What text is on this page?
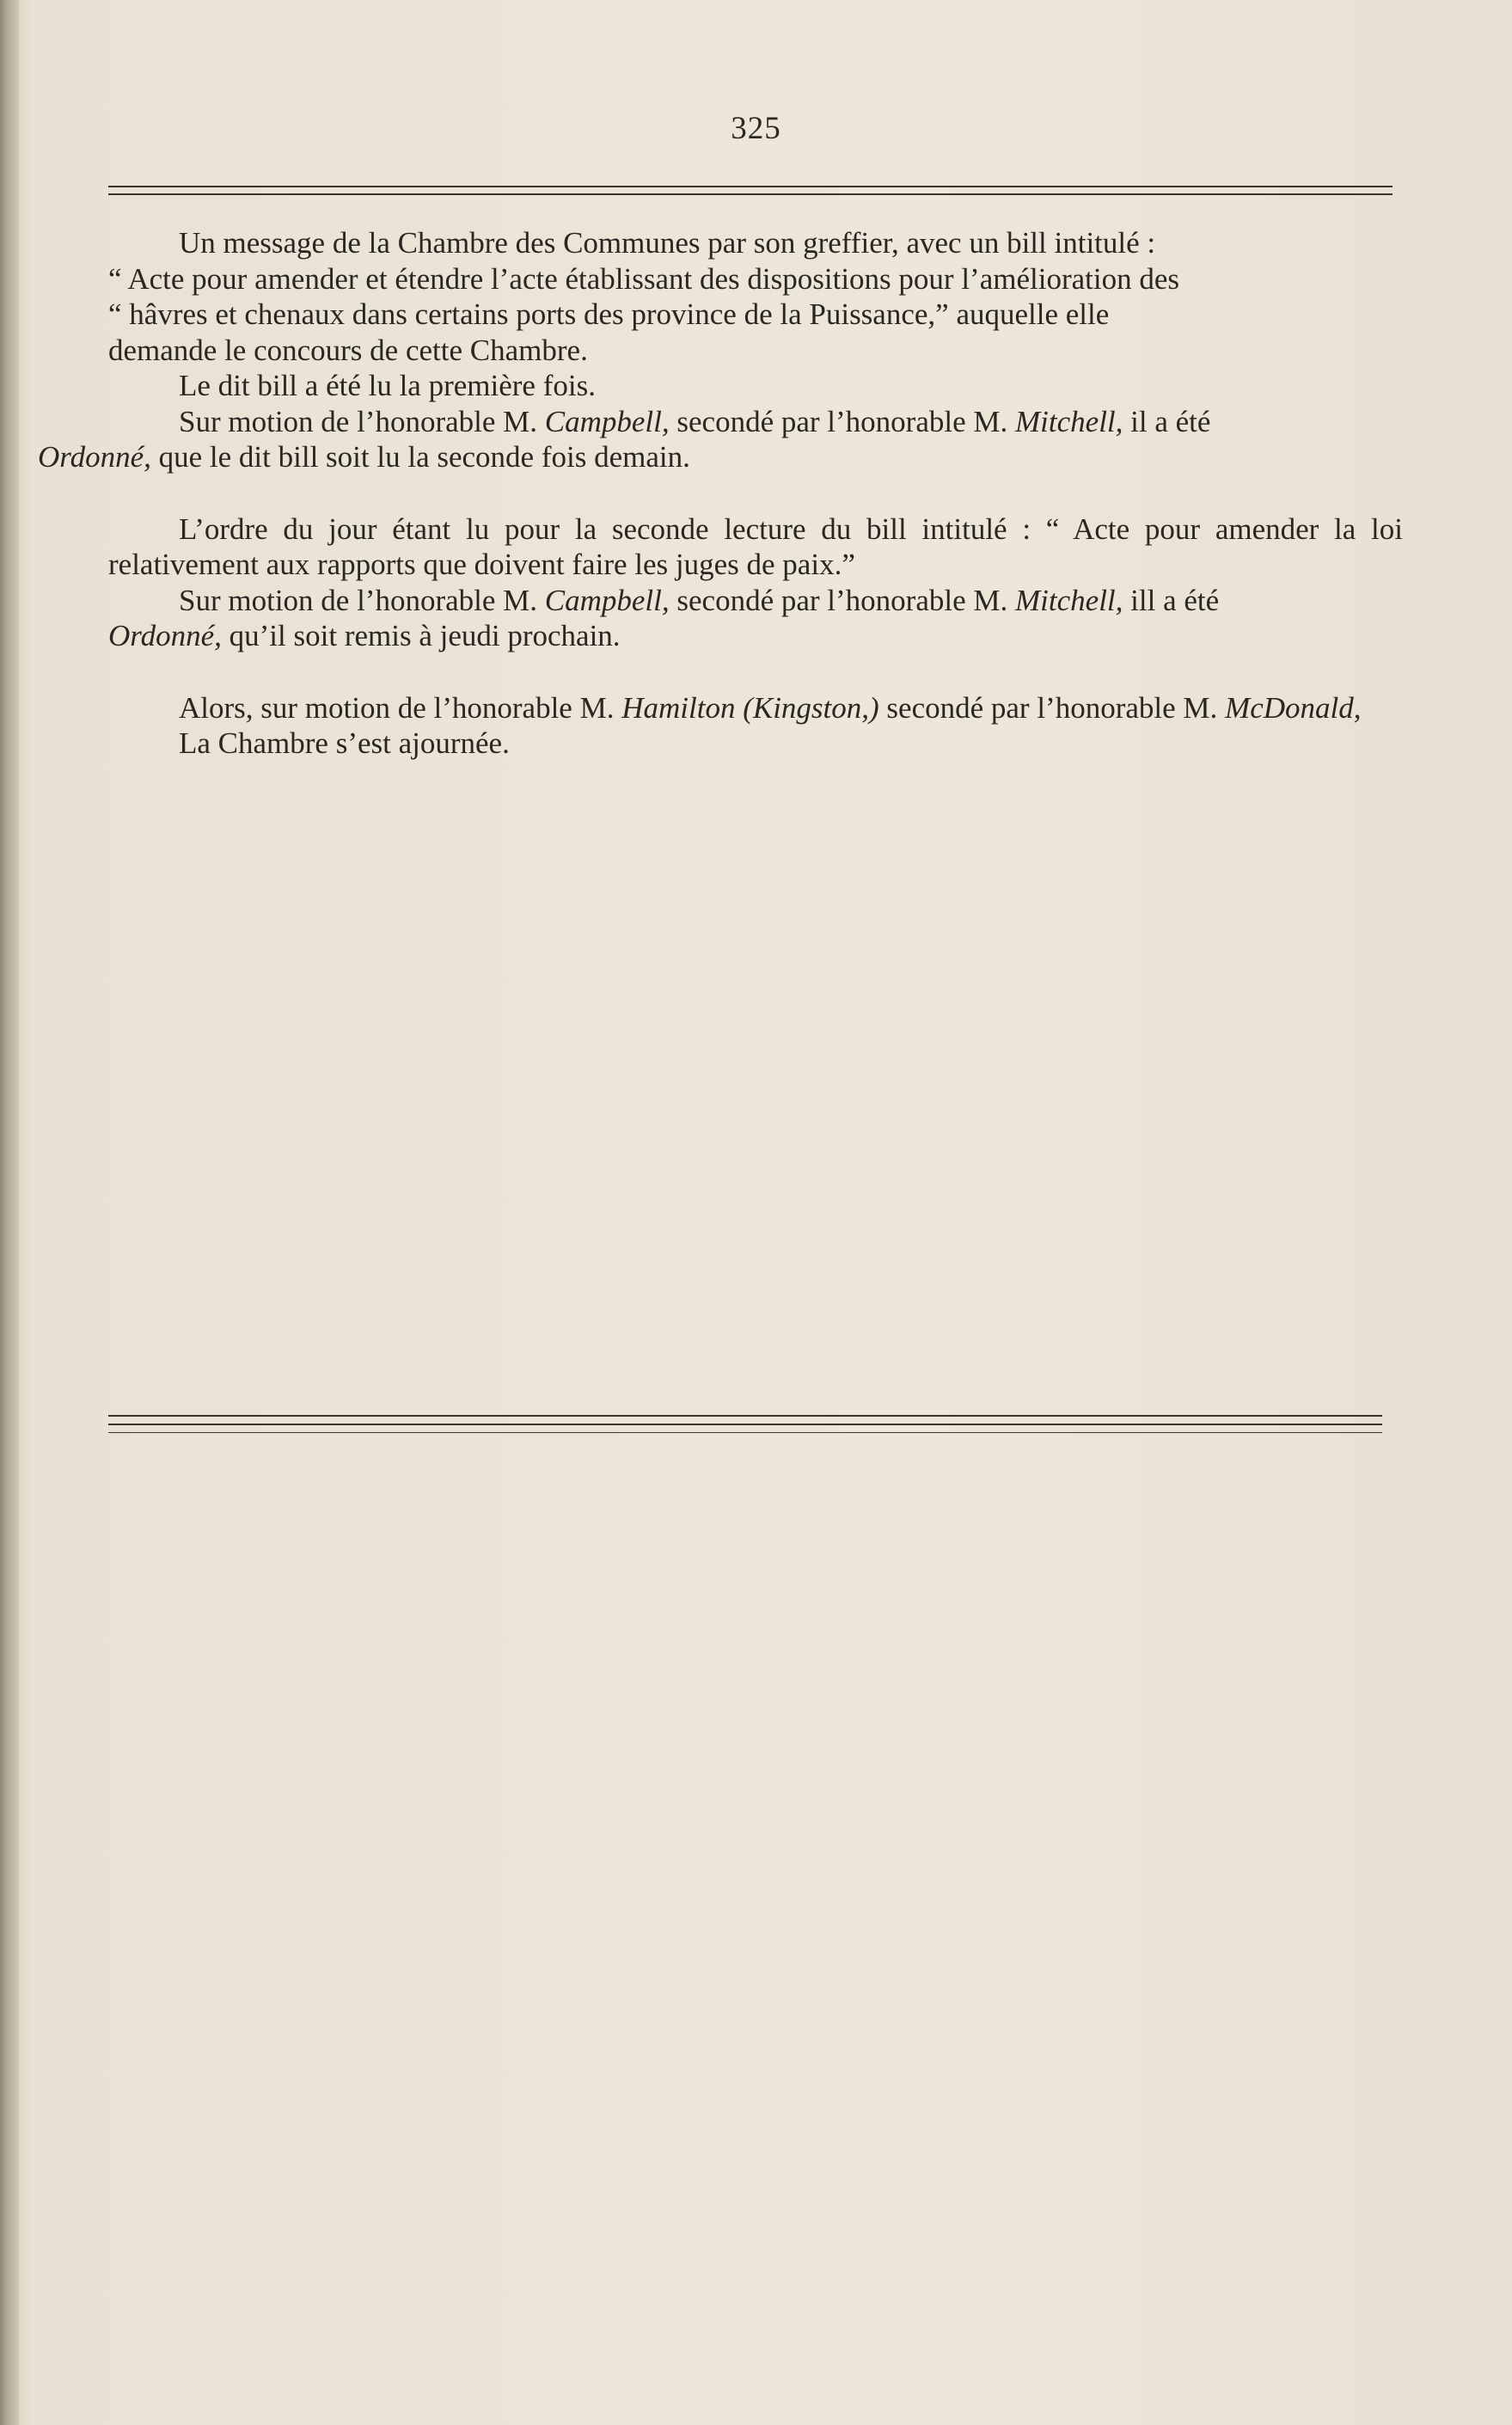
325

Un message de la Chambre des Communes par son greffier, avec un bill intitulé :
“ Acte pour amender et étendre l’acte établissant des dispositions pour l’amélioration des
“ hâvres et chenaux dans certains ports des province de la Puissance,” auquelle elle
demande le concours de cette Chambre.

Le dit bill a été lu la première fois.

Sur motion de l’honorable M. Campbell, secondé par l’honorable M. Mitchell, il a été
Ordonné, que le dit bill soit lu la seconde fois demain.

L’ordre du jour étant lu pour la seconde lecture du bill intitulé : “ Acte pour amender la loi relativement aux rapports que doivent faire les juges de paix.”

Sur motion de l’honorable M. Campbell, secondé par l’honorable M. Mitchell, ill a été
Ordonné, qu’il soit remis à jeudi prochain.

Alors, sur motion de l’honorable M. Hamilton (Kingston,) secondé par l’honorable M. McDonald,

La Chambre s’est ajournée.
